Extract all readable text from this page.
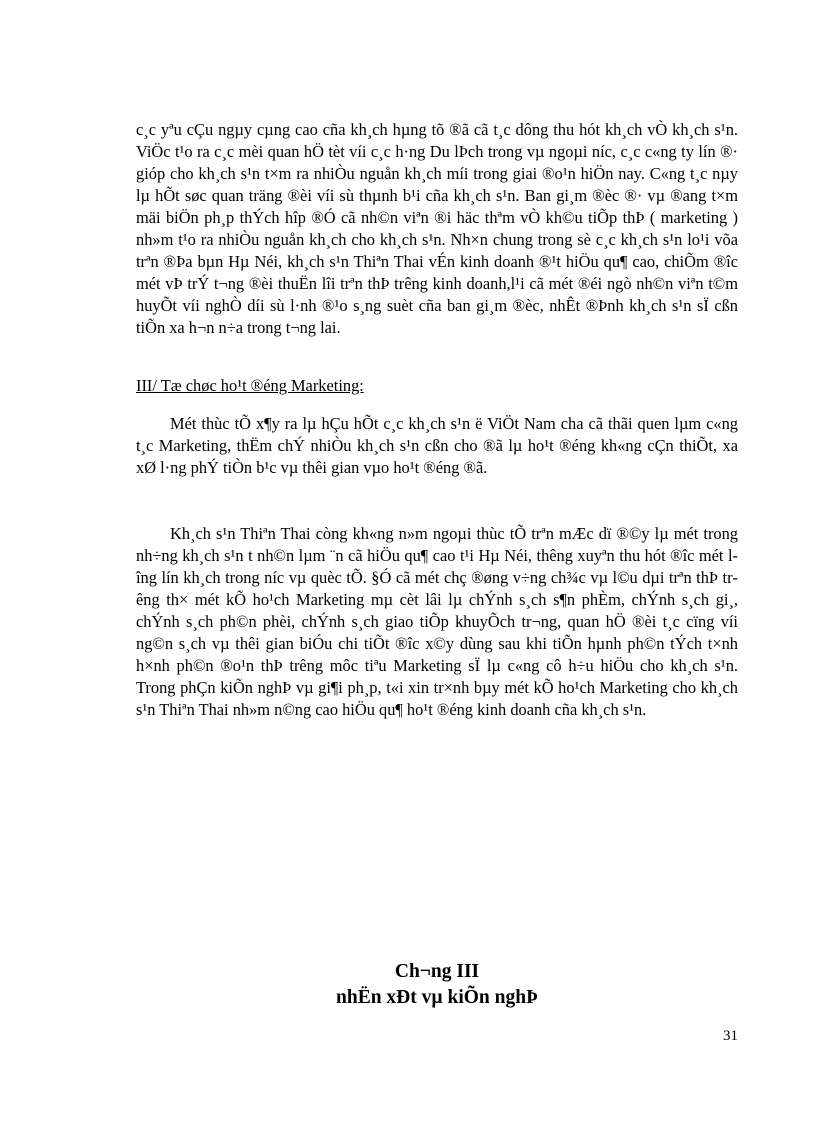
c¸c yªu cÇu ngµy cµng cao cña kh¸ch hµng tõ ®ã cã t¸c dông thu hót kh¸ch vÒ kh¸ch s¹n. ViÖc t¹o ra c¸c mèi quan hÖ tèt víi c¸c h·ng Du lÞch trong vµ ngoµi níc, c¸c c«ng ty lín ®· gióp cho kh¸ch s¹n t×m ra nhiÒu nguån kh¸ch míi trong giai ®o¹n hiÖn nay. C«ng t¸c nµy lµ hÕt søc quan träng ®èi víi sù thµnh b¹i cña kh¸ch s¹n. Ban gi¸m ®èc ®· vµ ®ang t×m mäi biÖn ph¸p thÝch hîp ®Ó cã nh©n viªn ®i häc thªm vÒ kh©u tiÕp thÞ ( marketing ) nh»m t¹o ra nhiÒu nguån kh¸ch cho kh¸ch s¹n. Nh×n chung trong sè c¸c kh¸ch s¹n lo¹i võa trªn ®Þa bµn Hµ Néi, kh¸ch s¹n Thiªn Thai vÉn kinh doanh ®¹t hiÖu qu¶ cao, chiÕm ®îc mét vÞ trÝ t¬ng ®èi thuËn lîi trªn thÞ trêng kinh doanh,l¹i cã mét ®éi ngò nh©n viªn t©m huyÕt víi nghÒ díi sù l·nh ®¹o s¸ng suèt cña ban gi¸m ®èc, nhÊt ®Þnh kh¸ch s¹n sÏ cßn tiÕn xa h¬n n÷a trong t¬ng lai.

III/ Tæ chøc ho¹t ®éng Marketing:

Mét thùc tÕ x¶y ra lµ hÇu hÕt c¸c kh¸ch s¹n ë ViÖt Nam cha cã thãi quen lµm c«ng t¸c Marketing, thËm chÝ nhiÒu kh¸ch s¹n cßn cho ®ã lµ ho¹t ®éng kh«ng cÇn thiÕt, xa xØ l·ng phÝ tiÒn b¹c vµ thêi gian vµo ho¹t ®éng ®ã.

Kh¸ch s¹n Thiªn Thai còng kh«ng n»m ngoµi thùc tÕ trªn mÆc dï ®©y lµ mét trong nh÷ng kh¸ch s¹n t nh©n lµm ¨n cã hiÖu qu¶ cao t¹i Hµ Néi, thêng xuyªn thu hót ®îc mét lîng lín kh¸ch trong níc vµ quèc tÕ. §Ó cã mét chç ®øng v÷ng ch¾c vµ l©u dµi trªn thÞ trêng th× mét kÕ ho¹ch Marketing mµ cèt lâi lµ chÝnh s¸ch s¶n phÈm, chÝnh s¸ch gi¸, chÝnh s¸ch ph©n phèi, chÝnh s¸ch giao tiÕp khuyÕch tr¬ng, quan hÖ ®èi t¸c cïng víi ng©n s¸ch vµ thêi gian biÓu chi tiÕt ®îc x©y dùng sau khi tiÕn hµnh ph©n tÝch t×nh h×nh ph©n ®o¹n thÞ trêng môc tiªu Marketing sÏ lµ c«ng cô h÷u hiÖu cho kh¸ch s¹n. Trong phÇn kiÕn nghÞ vµ gi¶i ph¸p, t«i xin tr×nh bµy mét kÕ ho¹ch Marketing cho kh¸ch s¹n Thiªn Thai nh»m n©ng cao hiÖu qu¶ ho¹t ®éng kinh doanh cña kh¸ch s¹n.

Ch¬ng III
nhËn xÐt vµ kiÕn nghÞ
31
